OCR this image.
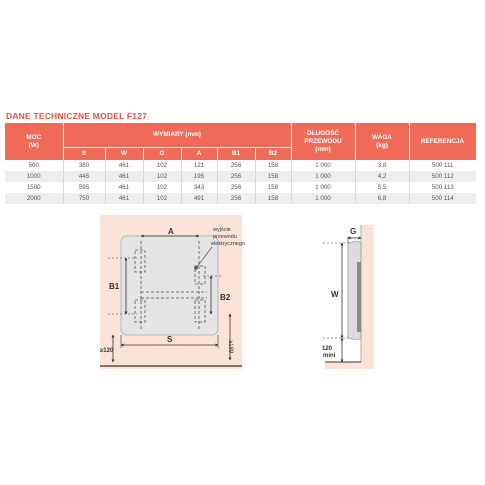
DANE TECHNICZNE MODEL F127
MOC
(W)	WYMIARY (mm)						DŁUGOŚĆ
PRZEWODU
(mm)	WAGA
(kg)	REFERENCJA
	S	W	G	A	B1	B2			
500	380	461	102	121	256	158	1 000	3,8	500 111
1000	445	461	102	195	256	158	1 000	4,2	500 112
1500	595	461	102	343	256	158	1 000	5,5	500 113
2000	750	461	102	491	256	158	1 000	6,8	500 114
A	wyjście
przewodu
elektrycznego
B1
B2
≥189
S
≥120
G
W
120
mini
